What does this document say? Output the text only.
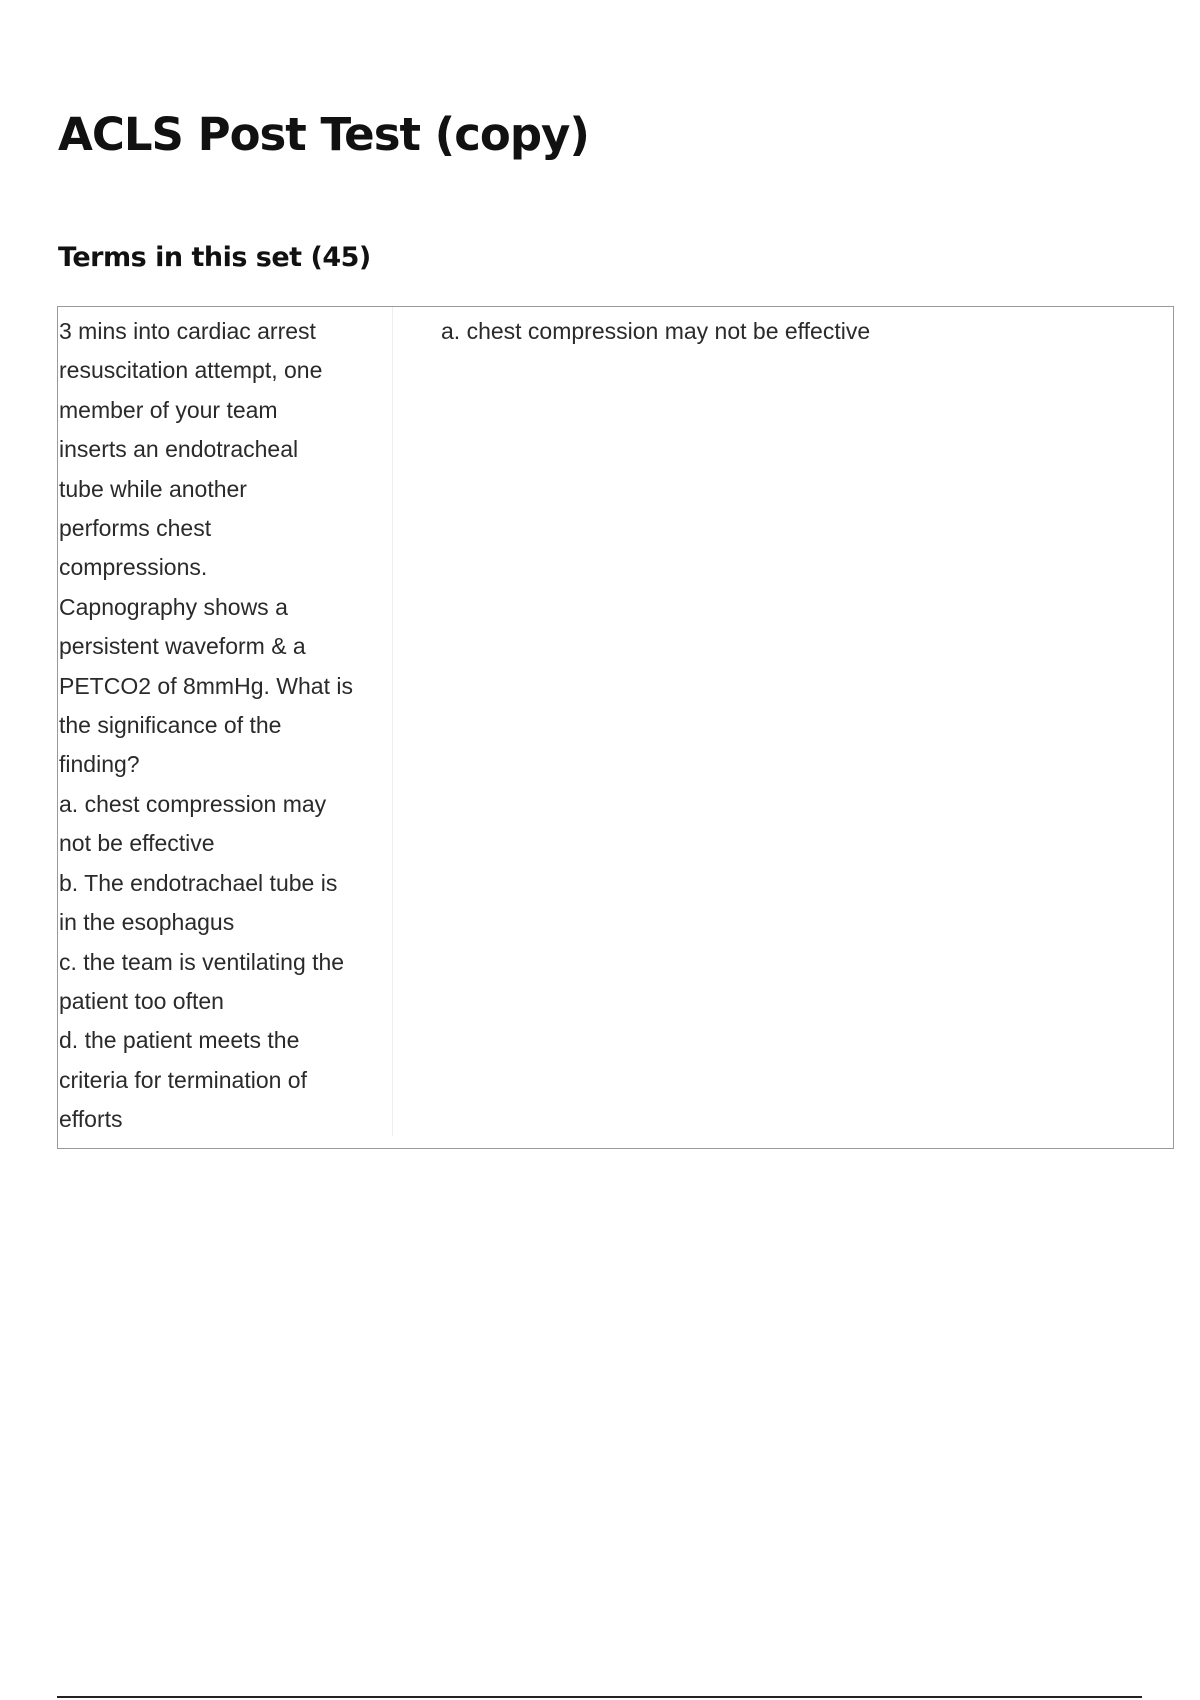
ACLS Post Test (copy)
Terms in this set (45)
3 mins into cardiac arrest
resuscitation attempt, one
member of your team
inserts an endotracheal
tube while another
performs chest
compressions.
Capnography shows a
persistent waveform & a
PETCO2 of 8mmHg. What is
the significance of the
finding?
a. chest compression may
not be effective
b. The endotrachael tube is
in the esophagus
c. the team is ventilating the
patient too often
d. the patient meets the
criteria for termination of
efforts
a. chest compression may not be effective
